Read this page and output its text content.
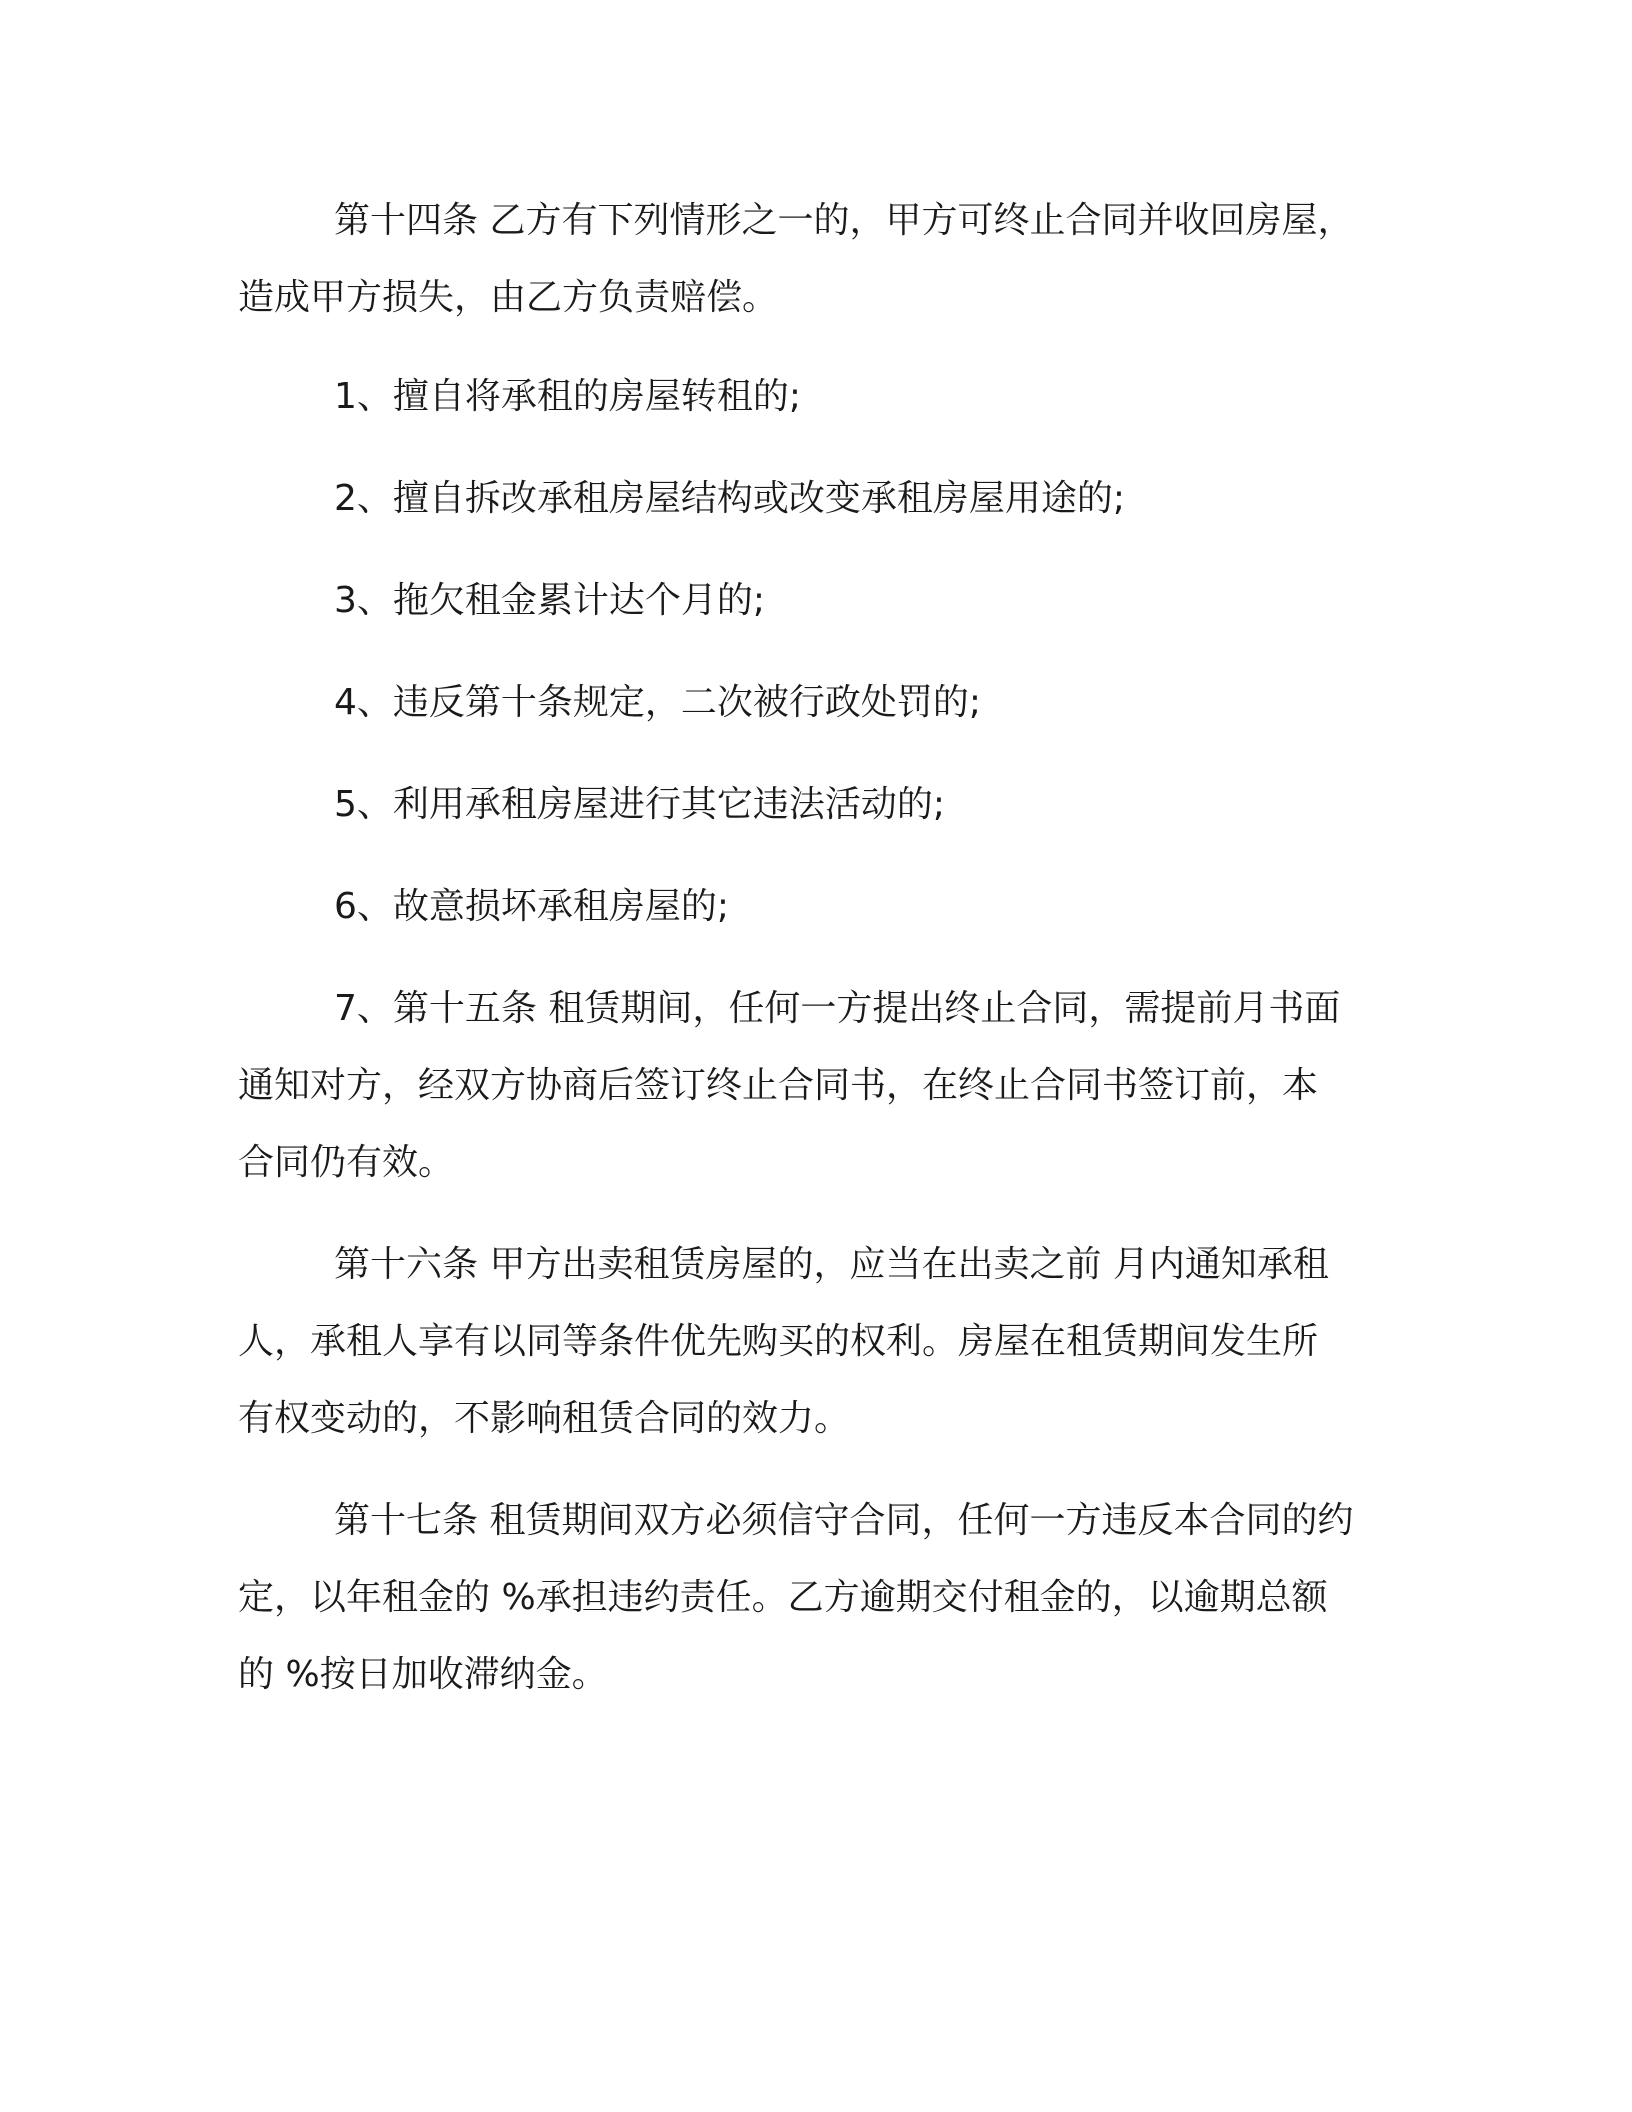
第十四条 乙方有下列情形之一的，甲方可终止合同并收回房屋，
造成甲方损失，由乙方负责赔偿。
1、擅自将承租的房屋转租的;
2、擅自拆改承租房屋结构或改变承租房屋用途的;
3、拖欠租金累计达个月的;
4、违反第十条规定，二次被行政处罚的;
5、利用承租房屋进行其它违法活动的;
6、故意损坏承租房屋的;
7、第十五条 租赁期间，任何一方提出终止合同，需提前月书面
通知对方，经双方协商后签订终止合同书，在终止合同书签订前，本
合同仍有效。
第十六条 甲方出卖租赁房屋的，应当在出卖之前 月内通知承租
人，承租人享有以同等条件优先购买的权利。房屋在租赁期间发生所
有权变动的，不影响租赁合同的效力。
第十七条 租赁期间双方必须信守合同，任何一方违反本合同的约
定，以年租金的 %承担违约责任。乙方逾期交付租金的，以逾期总额
的 %按日加收滞纳金。
